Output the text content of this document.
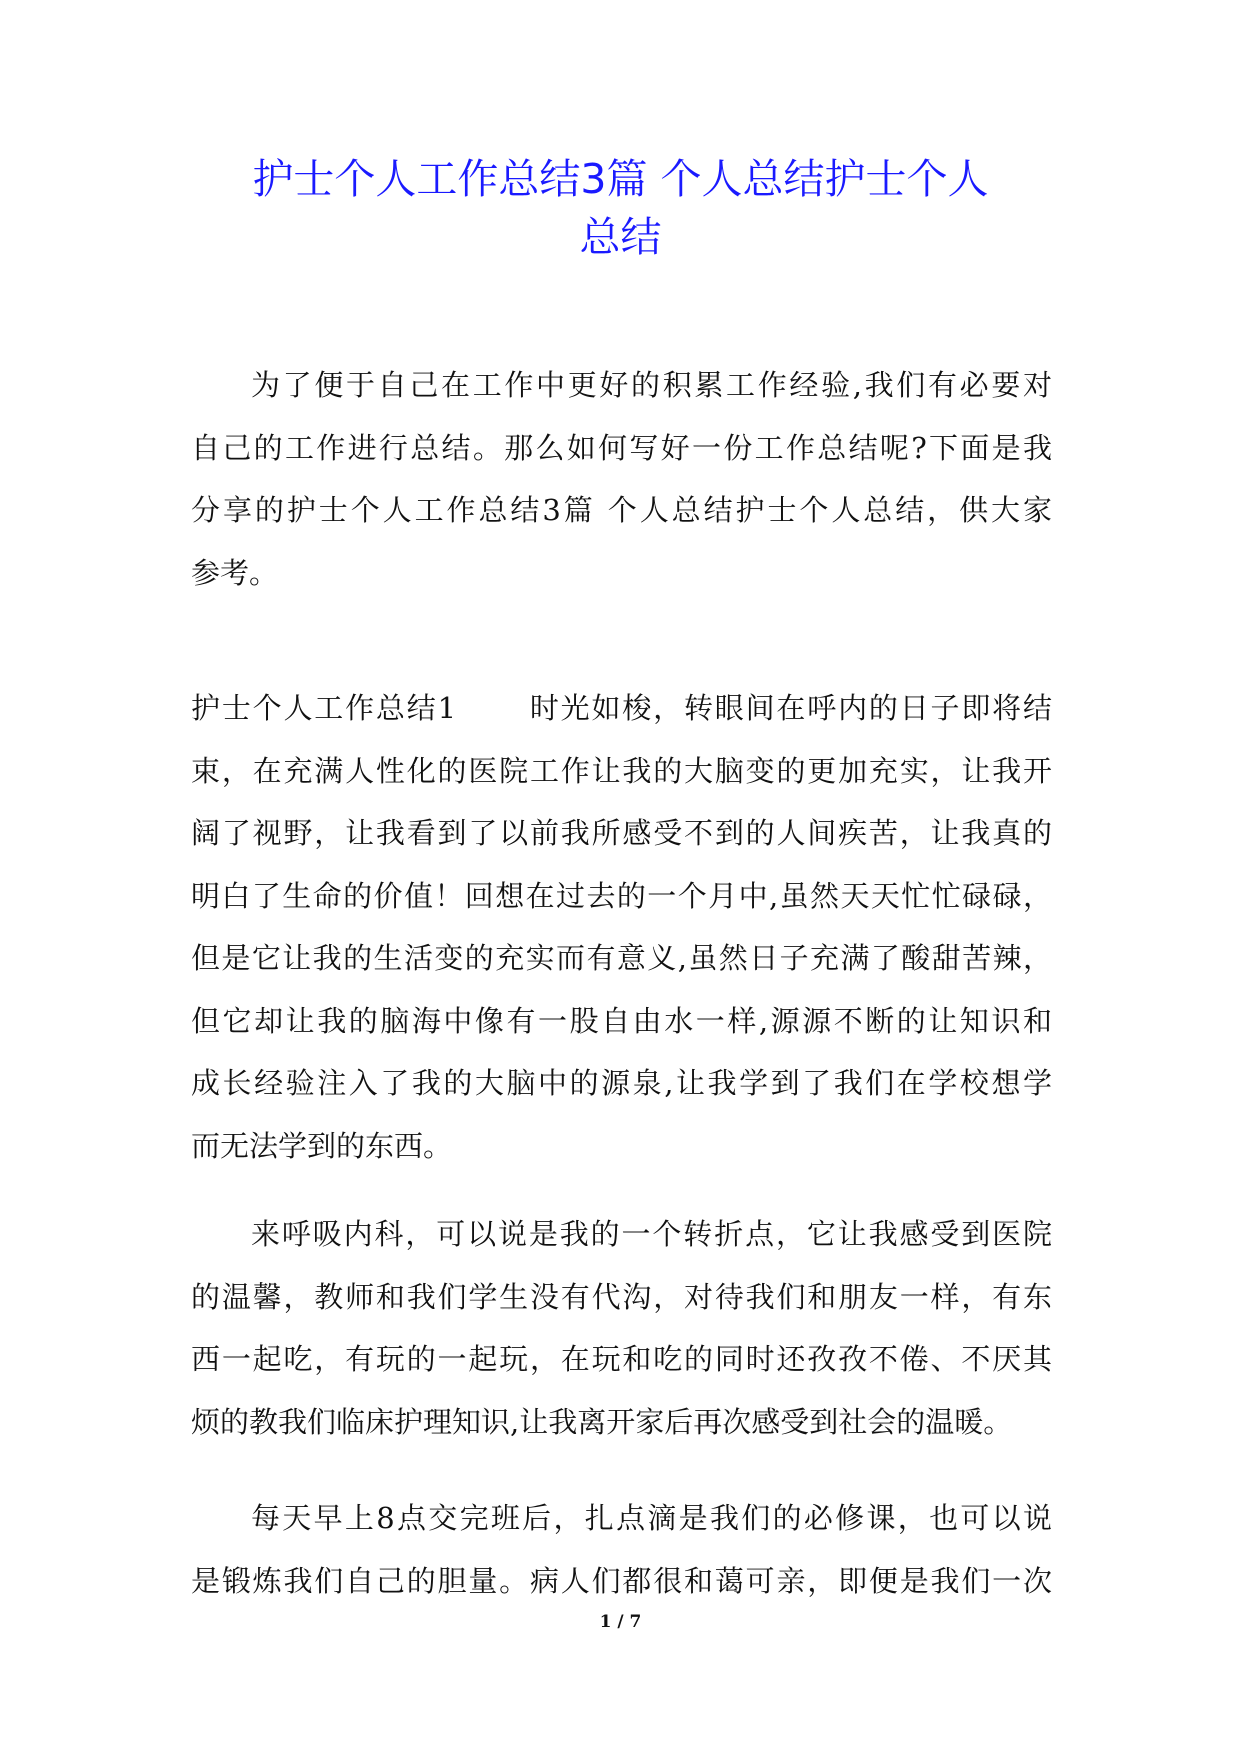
护士个人工作总结3篇 个人总结护士个人
总结
为了便于自己在工作中更好的积累工作经验,我们有必要对
自己的工作进行总结。那么如何写好一份工作总结呢?下面是我
分享的护士个人工作总结3篇 个人总结护士个人总结，供大家
参考。
护士个人工作总结1 时光如梭，转眼间在呼内的日子即将结
束，在充满人性化的医院工作让我的大脑变的更加充实，让我开
阔了视野，让我看到了以前我所感受不到的人间疾苦，让我真的
明白了生命的价值！回想在过去的一个月中,虽然天天忙忙碌碌，
但是它让我的生活变的充实而有意义,虽然日子充满了酸甜苦辣，
但它却让我的脑海中像有一股自由水一样,源源不断的让知识和
成长经验注入了我的大脑中的源泉,让我学到了我们在学校想学
而无法学到的东西。
来呼吸内科，可以说是我的一个转折点，它让我感受到医院
的温馨，教师和我们学生没有代沟，对待我们和朋友一样，有东
西一起吃，有玩的一起玩，在玩和吃的同时还孜孜不倦、不厌其
烦的教我们临床护理知识,让我离开家后再次感受到社会的温暖。
每天早上8点交完班后，扎点滴是我们的必修课，也可以说
是锻炼我们自己的胆量。病人们都很和蔼可亲，即便是我们一次
1 / 7
